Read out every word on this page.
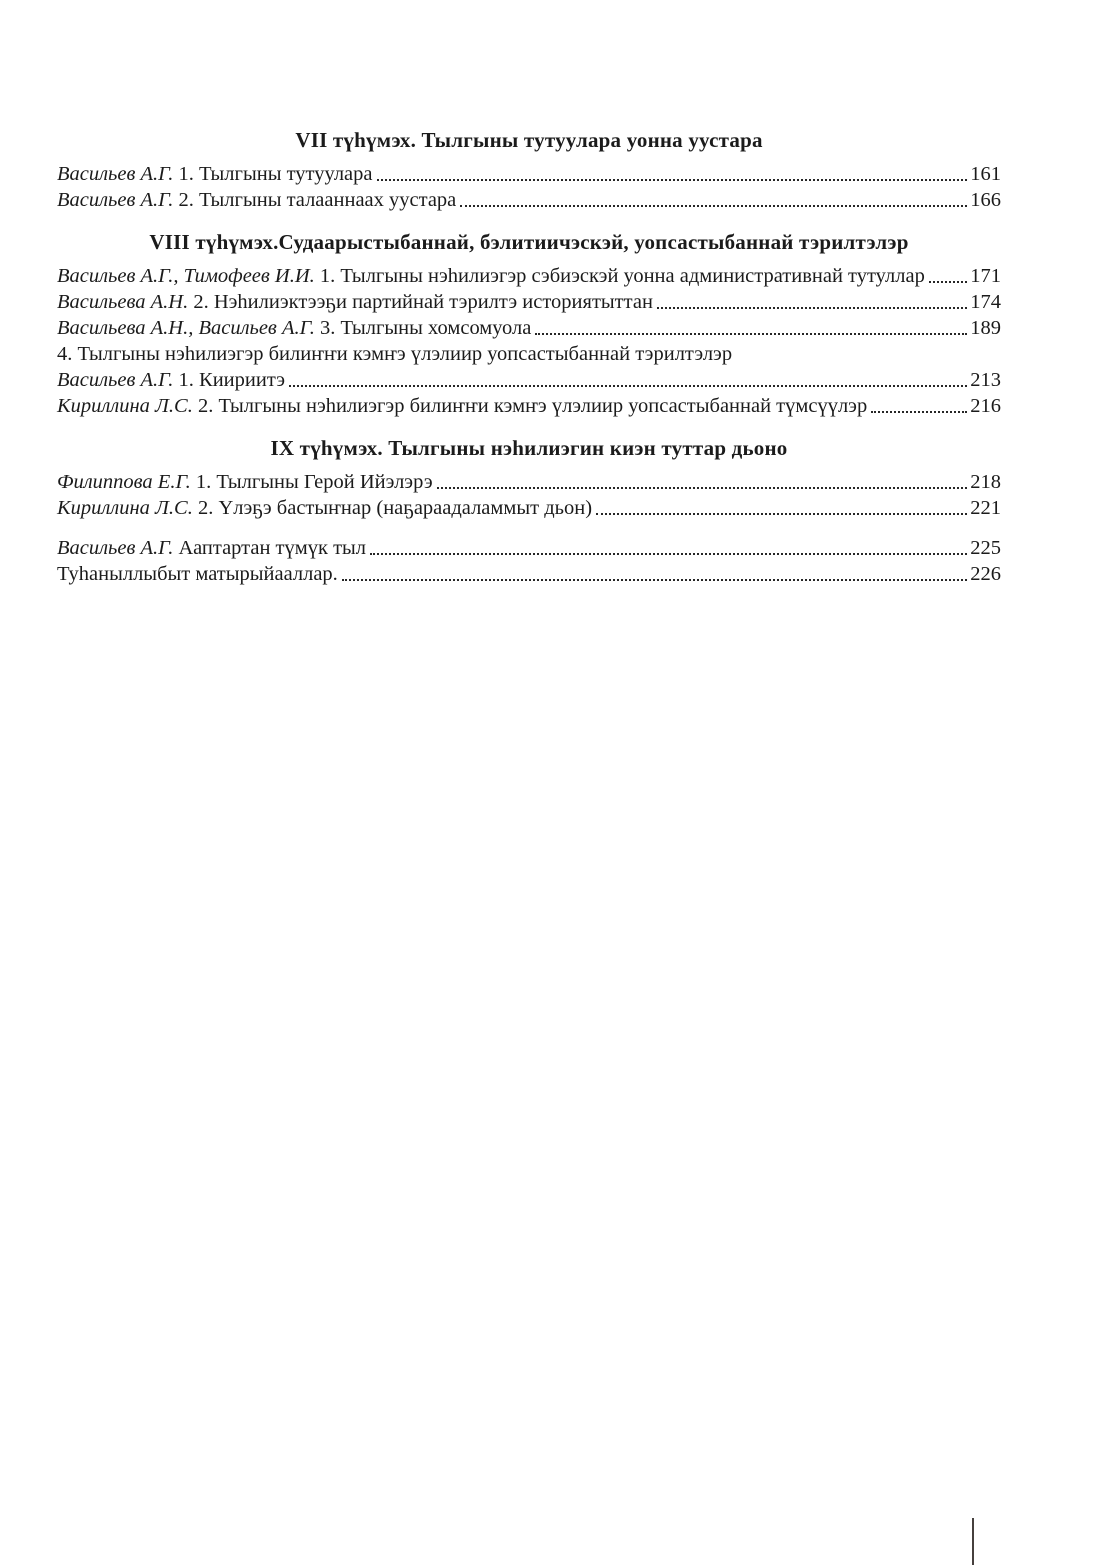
VII түһүмэх. Тылгыны тутуулара уонна уустара
Васильев А.Г. 1. Тылгыны тутуулара	161
Васильев А.Г. 2. Тылгыны талааннаах уустара	166
VIII түһүмэх.Судаарыстыбаннай, бэлитиичэскэй, уопсастыбаннай тэрилтэлэр
Васильев А.Г., Тимофеев И.И. 1. Тылгыны нэһилиэгэр сэбиэскэй уонна административнай тутуллар 171
Васильева А.Н. 2. Нэһилиэктээҕи партийнай тэрилтэ историятыттан	174
Васильева А.Н., Васильев А.Г. 3. Тылгыны хомсомуола	189
4. Тылгыны нэһилиэгэр билиҥҥи кэмҥэ үлэлиир уопсастыбаннай тэрилтэлэр
Васильев А.Г. 1. Киириитэ	213
Кириллина Л.С. 2. Тылгыны нэһилиэгэр билиҥҥи кэмҥэ үлэлиир уопсастыбаннай түмсүүлэр	216
IX түһүмэх. Тылгыны нэһилиэгин киэн туттар дьоно
Филиппова Е.Г. 1. Тылгыны Герой Ийэлэрэ	218
Кириллина Л.С. 2. Үлэҕэ бастыҥнар (наҕараадаламмыт дьон)	221
Васильев А.Г. Ааптартан түмүк тыл	225
Туһаныллыбыт матырыйааллар.	226
